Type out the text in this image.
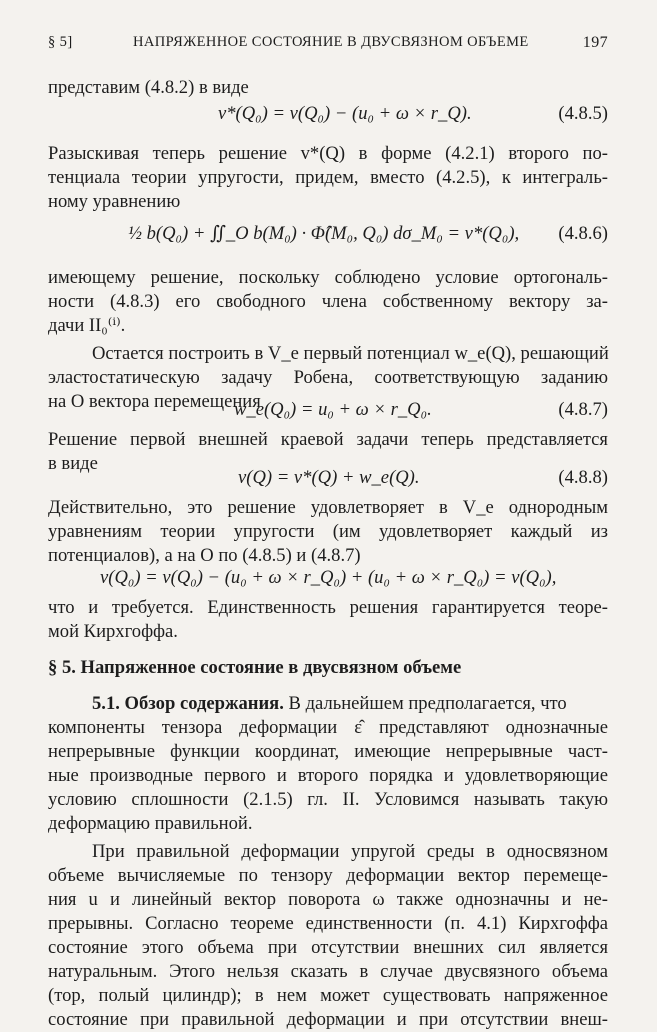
§ 5]	НАПРЯЖЕННОЕ СОСТОЯНИЕ В ДВУСВЯЗНОМ ОБЪЕМЕ	197
представим (4.8.2) в виде
v*(Q₀) = v(Q₀) − (u₀ + ω × r_Q).	(4.8.5)
Разыскивая теперь решение v*(Q) в форме (4.2.1) второго по-
тенциала теории упругости, придем, вместо (4.2.5), к интеграль-
ному уравнению
½ b(Q₀) + ∬_O b(M₀) · Φ̂(M₀, Q₀) dσ_M₀ = v*(Q₀), (4.8.6)
имеющему решение, поскольку соблюдено условие ортогональ-
ности (4.8.3) его свободного члена собственному вектору за-
дачи II₀⁽ⁱ⁾.
Остается построить в V_e первый потенциал w_e(Q), решающий
эластостатическую задачу Робена, соответствующую заданию
на O вектора перемещения
w_e(Q₀) = u₀ + ω × r_Q₀.	(4.8.7)
Решение первой внешней краевой задачи теперь представляется
в виде
v(Q) = v*(Q) + w_e(Q).	(4.8.8)
Действительно, это решение удовлетворяет в V_e однородным
уравнениям теории упругости (им удовлетворяет каждый из
потенциалов), а на O по (4.8.5) и (4.8.7)
v(Q₀) = v(Q₀) − (u₀ + ω × r_Q₀) + (u₀ + ω × r_Q₀) = v(Q₀),
что и требуется. Единственность решения гарантируется теоре-
мой Кирхгоффа.
§ 5. Напряженное состояние в двусвязном объеме
5.1. Обзор содержания. В дальнейшем предполагается, что
компоненты тензора деформации ε̂ представляют однозначные
непрерывные функции координат, имеющие непрерывные част-
ные производные первого и второго порядка и удовлетворяющие
условию сплошности (2.1.5) гл. II. Условимся называть такую
деформацию правильной.
При правильной деформации упругой среды в односвязном
объеме вычисляемые по тензору деформации вектор перемеще-
ния u и линейный вектор поворота ω также однозначны и не-
прерывны. Согласно теореме единственности (п. 4.1) Кирхгоффа
состояние этого объема при отсутствии внешних сил является
натуральным. Этого нельзя сказать в случае двусвязного объема
(тор, полый цилиндр); в нем может существовать напряженное
состояние при правильной деформации и при отсутствии внеш-
